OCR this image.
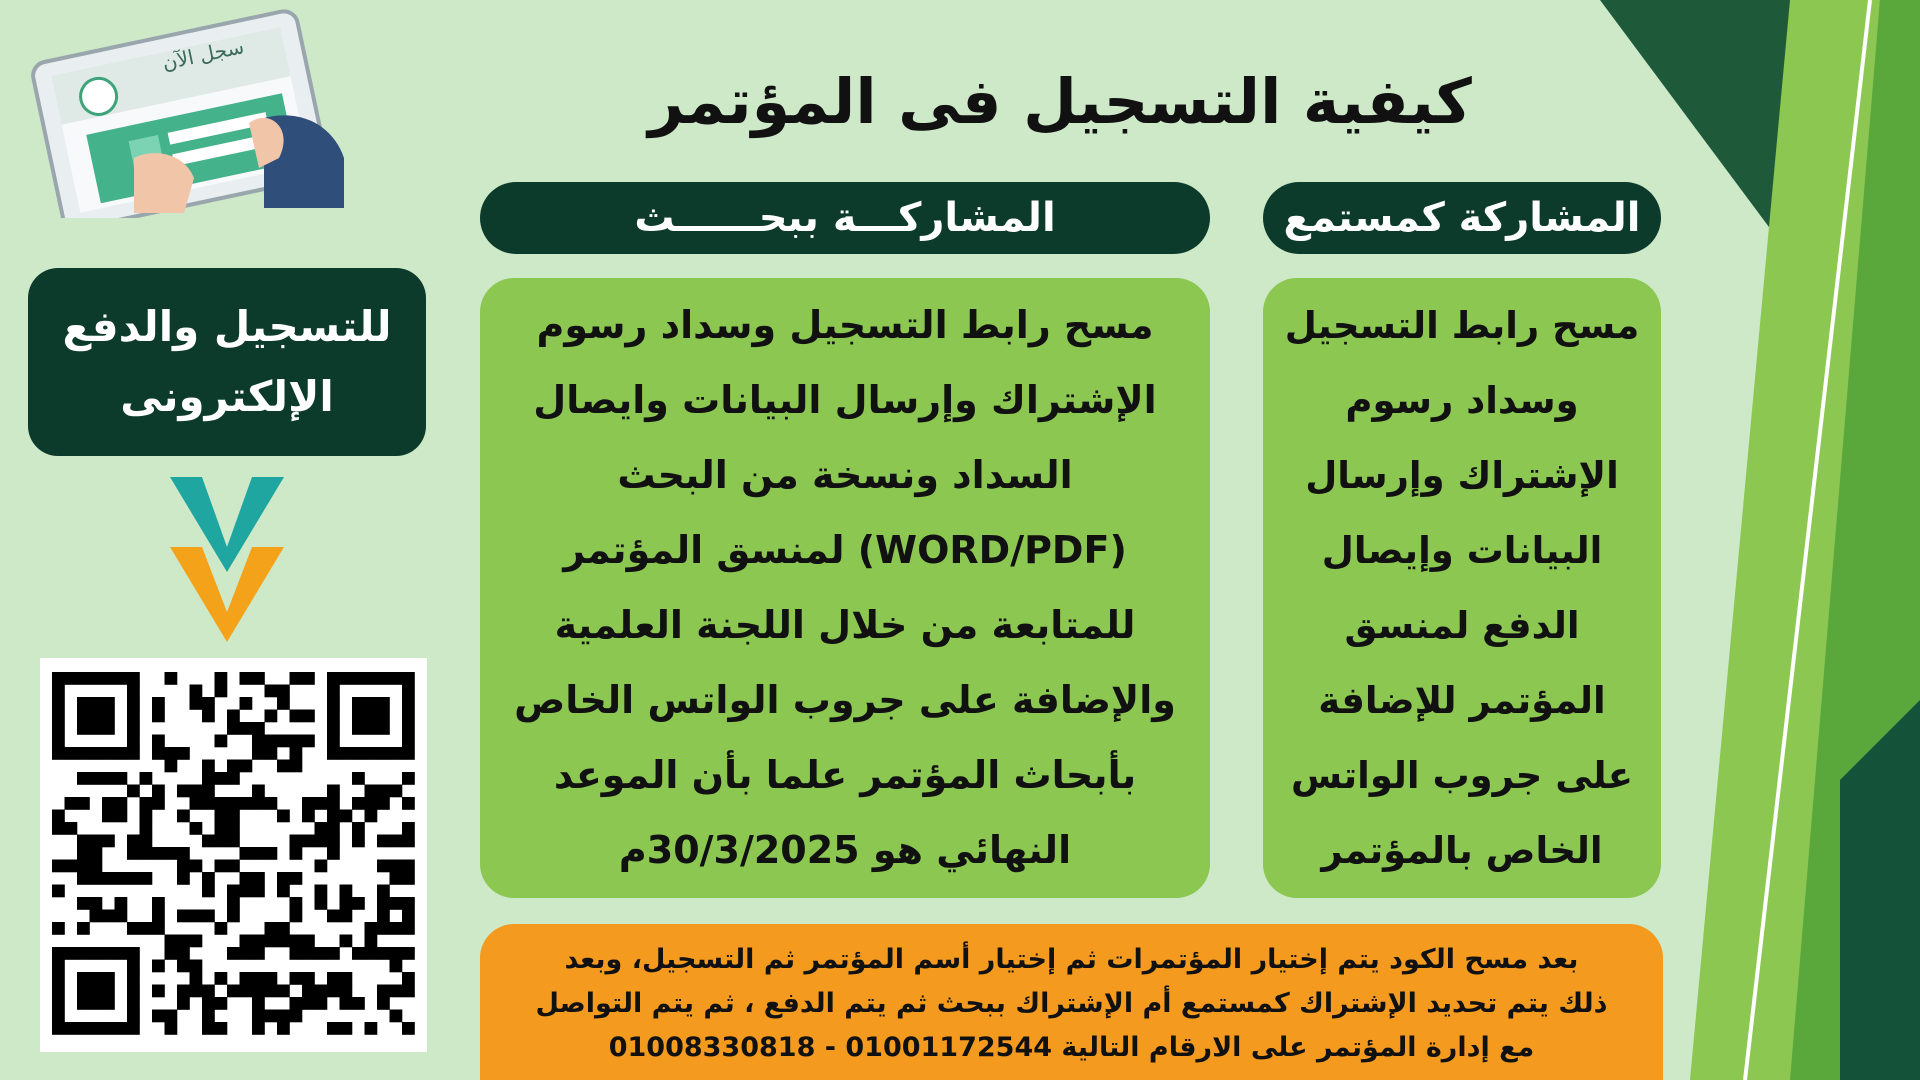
سجل الآن
كيفية التسجيل فى المؤتمر
المشاركـــة ببحــــــث	المشاركة كمستمع

مسح رابط التسجيل وسداد رسوم

الإشتراك وإرسال البيانات وايصال

السداد ونسخة من البحث

(WORD/PDF) لمنسق المؤتمر

للمتابعة من خلال اللجنة العلمية

والإضافة على جروب الواتس الخاص

بأبحاث المؤتمر علما بأن الموعد

النهائي هو 30/3/2025م

مسح رابط التسجيل

وسداد رسوم

الإشتراك وإرسال

البيانات وإيصال

الدفع لمنسق

المؤتمر للإضافة

على جروب الواتس

الخاص بالمؤتمر

للتسجيل والدفع
الإلكترونى

بعد مسح الكود يتم إختيار المؤتمرات ثم إختيار أسم المؤتمر ثم التسجيل، وبعد

ذلك يتم تحديد الإشتراك كمستمع أم الإشتراك ببحث ثم يتم الدفع ، ثم يتم التواصل

مع إدارة المؤتمر على الارقام التالية 01001172544 - 01008330818
